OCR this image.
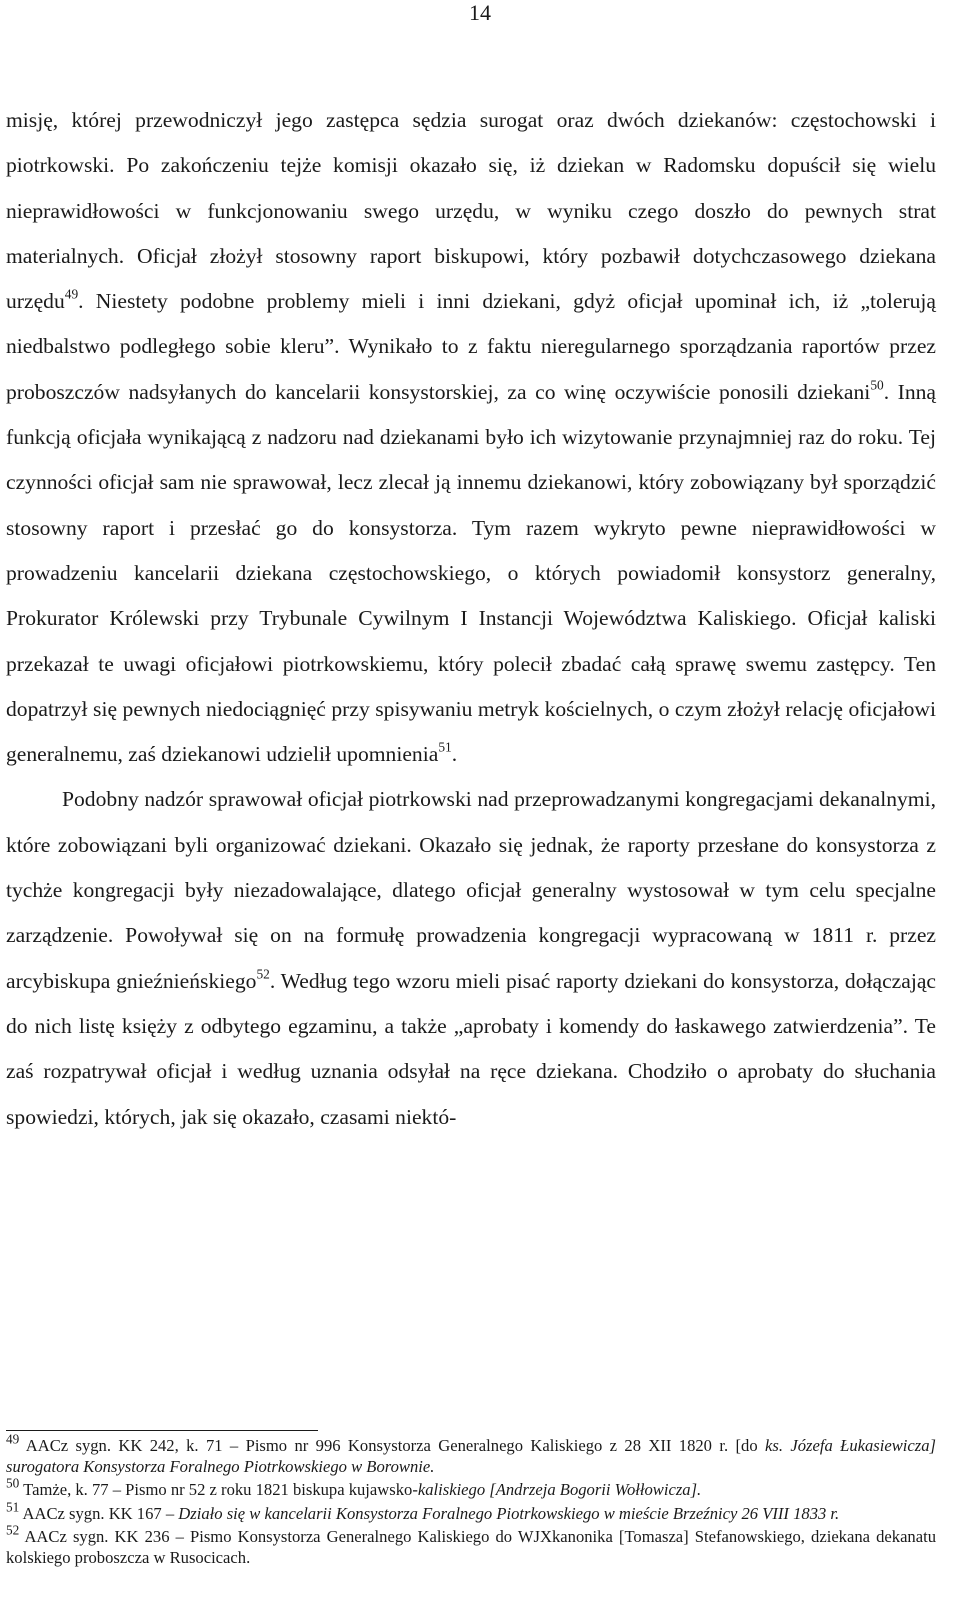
14

misję, której przewodniczył jego zastępca sędzia surogat oraz dwóch dziekanów: częstochowski i piotrkowski. Po zakończeniu tejże komisji okazało się, iż dziekan w Radomsku dopuścił się wielu nieprawidłowości w funkcjonowaniu swego urzędu, w wyniku czego doszło do pewnych strat materialnych. Oficjał złożył stosowny raport biskupowi, który pozbawił dotychczasowego dziekana urzędu$^{49}$. Niestety podobne problemy mieli i inni dziekani, gdyż oficjał upominał ich, iż „tolerują niedbalstwo podległego sobie kleru”. Wynikało to z faktu nieregularnego sporządzania raportów przez proboszczów nadsyłanych do kancelarii konsystorskiej, za co winę oczywiście ponosili dziekani$^{50}$. Inną funkcją oficjała wynikającą z nadzoru nad dziekanami było ich wizytowanie przynajmniej raz do roku. Tej czynności oficjał sam nie sprawował, lecz zlecał ją innemu dziekanowi, który zobowiązany był sporządzić stosowny raport i przesłać go do konsystorza. Tym razem wykryto pewne nieprawidłowości w prowadzeniu kancelarii dziekana częstochowskiego, o których powiadomił konsystorz generalny, Prokurator Królewski przy Trybunale Cywilnym I Instancji Województwa Kaliskiego. Oficjał kaliski przekazał te uwagi oficjałowi piotrkowskiemu, który polecił zbadać całą sprawę swemu zastępcy. Ten dopatrzył się pewnych niedociągnięć przy spisywaniu metryk kościelnych, o czym złożył relację oficjałowi generalnemu, zaś dziekanowi udzielił upomnienia$^{51}$.

Podobny nadzór sprawował oficjał piotrkowski nad przeprowadzanymi kongregacjami dekanalnymi, które zobowiązani byli organizować dziekani. Okazało się jednak, że raporty przesłane do konsystorza z tychże kongregacji były niezadowalające, dlatego oficjał generalny wystosował w tym celu specjalne zarządzenie. Powoływał się on na formułę prowadzenia kongregacji wypracowaną w 1811 r. przez arcybiskupa gnieźnieńskiego$^{52}$. Według tego wzoru mieli pisać raporty dziekani do konsystorza, dołączając do nich listę księży z odbytego egzaminu, a także „aprobaty i komendy do łaskawego zatwierdzenia”. Te zaś rozpatrywał oficjał i według uznania odsyłał na ręce dziekana. Chodziło o aprobaty do słuchania spowiedzi, których, jak się okazało, czasami niektó-

$^{49}$ AACz sygn. KK 242, k. 71 – Pismo nr 996 Konsystorza Generalnego Kaliskiego z 28 XII 1820 r. [do ks. Józefa Łukasiewicza] surogatora Konsystorza Foralnego Piotrkowskiego w Borownie.

$^{50}$ Tamże, k. 77 – Pismo nr 52 z roku 1821 biskupa kujawsko-kaliskiego [Andrzeja Bogorii Wołłowicza].

$^{51}$ AACz sygn. KK 167 – Działo się w kancelarii Konsystorza Foralnego Piotrkowskiego w mieście Brzeźnicy 26 VIII 1833 r.

$^{52}$ AACz sygn. KK 236 – Pismo Konsystorza Generalnego Kaliskiego do WJXkanonika [Tomasza] Stefanowskiego, dziekana dekanatu kolskiego proboszcza w Rusocicach.
